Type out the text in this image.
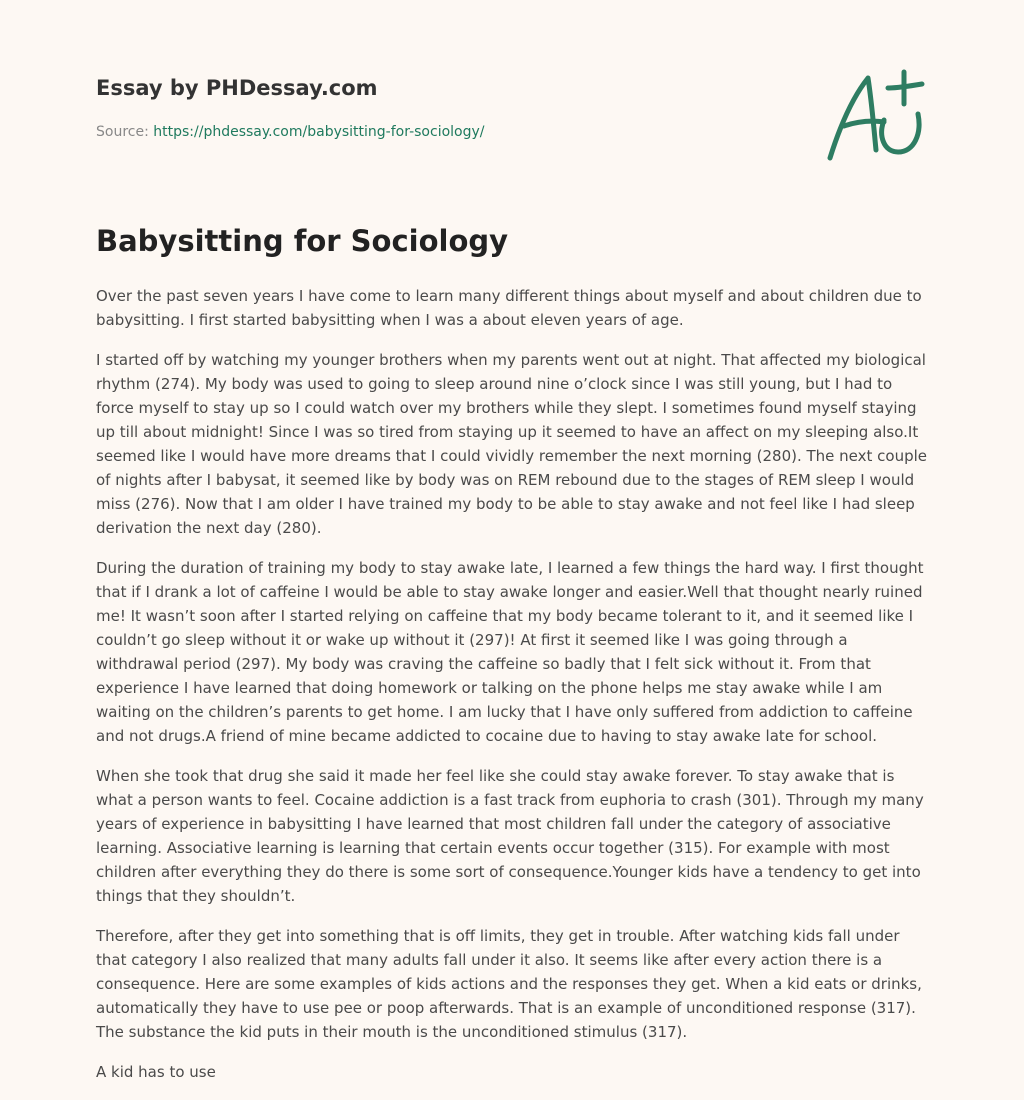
Essay by PHDessay.com

Source: https://phdessay.com/babysitting-for-sociology/

Babysitting for Sociology

Over the past seven years I have come to learn many different things about myself and about children due to babysitting. I first started babysitting when I was a about eleven years of age.

I started off by watching my younger brothers when my parents went out at night. That affected my biological rhythm (274). My body was used to going to sleep around nine o’clock since I was still young, but I had to force myself to stay up so I could watch over my brothers while they slept. I sometimes found myself staying up till about midnight! Since I was so tired from staying up it seemed to have an affect on my sleeping also.It seemed like I would have more dreams that I could vividly remember the next morning (280). The next couple of nights after I babysat, it seemed like by body was on REM rebound due to the stages of REM sleep I would miss (276). Now that I am older I have trained my body to be able to stay awake and not feel like I had sleep derivation the next day (280).

During the duration of training my body to stay awake late, I learned a few things the hard way. I first thought that if I drank a lot of caffeine I would be able to stay awake longer and easier.Well that thought nearly ruined me! It wasn’t soon after I started relying on caffeine that my body became tolerant to it, and it seemed like I couldn’t go sleep without it or wake up without it (297)! At first it seemed like I was going through a withdrawal period (297). My body was craving the caffeine so badly that I felt sick without it. From that experience I have learned that doing homework or talking on the phone helps me stay awake while I am waiting on the children’s parents to get home. I am lucky that I have only suffered from addiction to caffeine and not drugs.A friend of mine became addicted to cocaine due to having to stay awake late for school.

When she took that drug she said it made her feel like she could stay awake forever. To stay awake that is what a person wants to feel. Cocaine addiction is a fast track from euphoria to crash (301). Through my many years of experience in babysitting I have learned that most children fall under the category of associative learning. Associative learning is learning that certain events occur together (315). For example with most children after everything they do there is some sort of consequence.Younger kids have a tendency to get into things that they shouldn’t.

Therefore, after they get into something that is off limits, they get in trouble. After watching kids fall under that category I also realized that many adults fall under it also. It seems like after every action there is a consequence. Here are some examples of kids actions and the responses they get. When a kid eats or drinks, automatically they have to use pee or poop afterwards. That is an example of unconditioned response (317). The substance the kid puts in their mouth is the unconditioned stimulus (317).

A kid has to use
